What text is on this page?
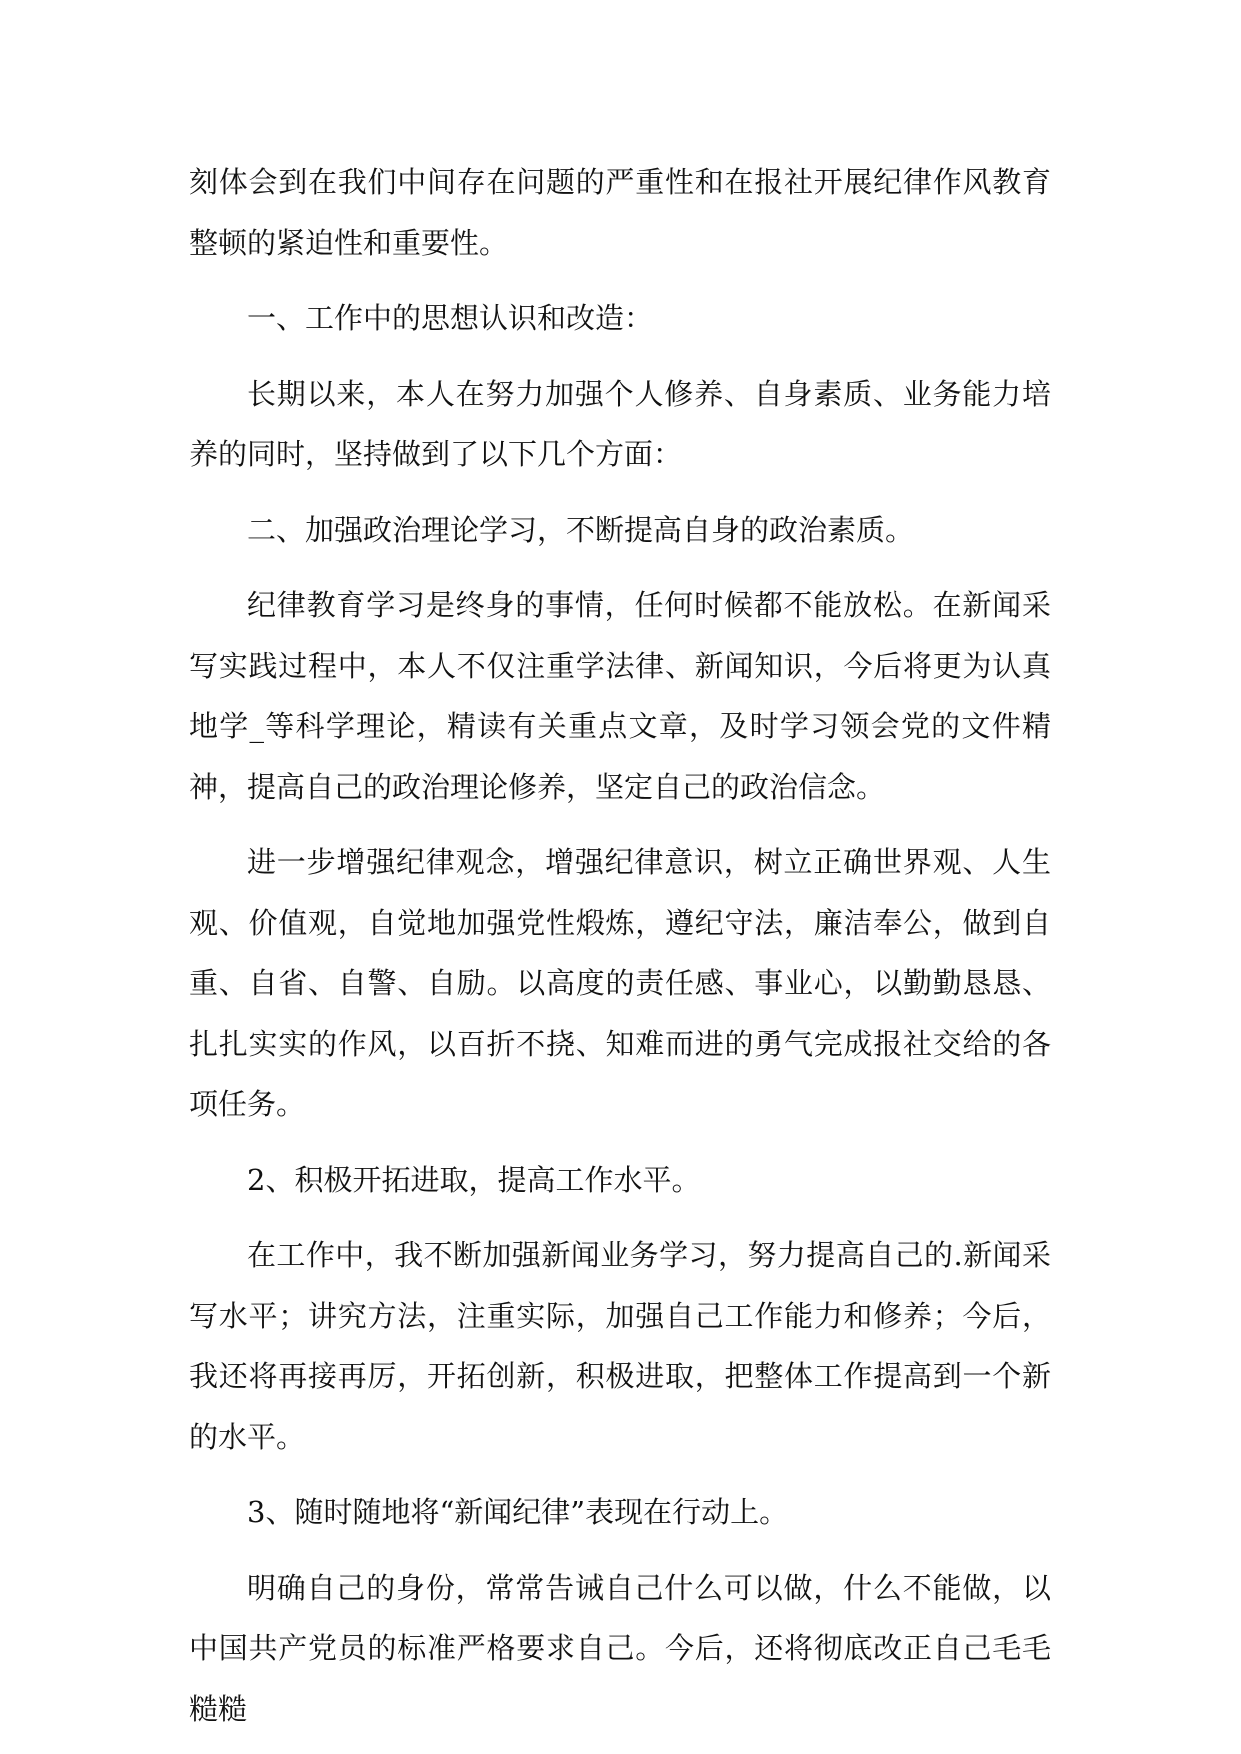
刻体会到在我们中间存在问题的严重性和在报社开展纪律作风教育整顿的紧迫性和重要性。

一、工作中的思想认识和改造：

长期以来，本人在努力加强个人修养、自身素质、业务能力培养的同时，坚持做到了以下几个方面：

二、加强政治理论学习，不断提高自身的政治素质。

纪律教育学习是终身的事情，任何时候都不能放松。在新闻采写实践过程中，本人不仅注重学法律、新闻知识，今后将更为认真地学_等科学理论，精读有关重点文章，及时学习领会党的文件精神，提高自己的政治理论修养，坚定自己的政治信念。

进一步增强纪律观念，增强纪律意识，树立正确世界观、人生观、价值观，自觉地加强党性煅炼，遵纪守法，廉洁奉公，做到自重、自省、自警、自励。以高度的责任感、事业心，以勤勤恳恳、扎扎实实的作风，以百折不挠、知难而进的勇气完成报社交给的各项任务。

2、积极开拓进取，提高工作水平。

在工作中，我不断加强新闻业务学习，努力提高自己的.新闻采写水平；讲究方法，注重实际，加强自己工作能力和修养；今后，我还将再接再厉，开拓创新，积极进取，把整体工作提高到一个新的水平。

3、随时随地将“新闻纪律”表现在行动上。

明确自己的身份，常常告诫自己什么可以做，什么不能做，以中国共产党员的标准严格要求自己。今后，还将彻底改正自己毛毛糙糙
